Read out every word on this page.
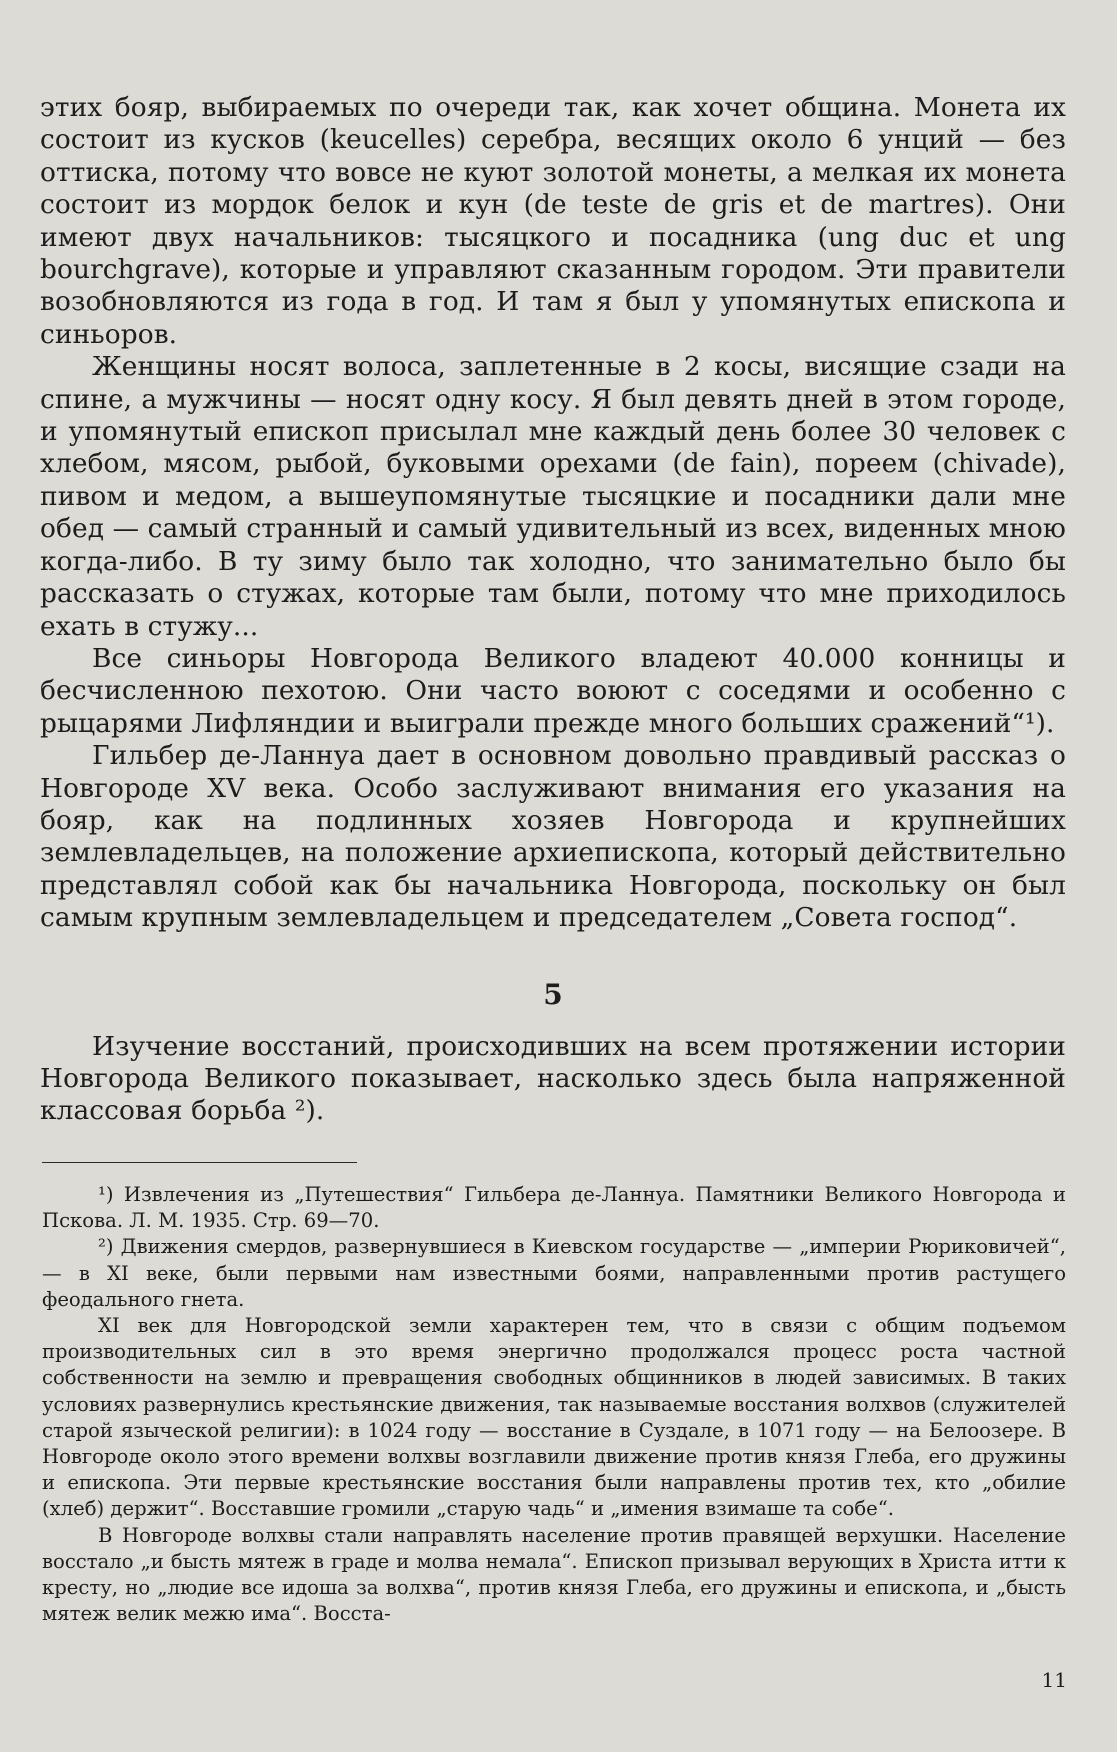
этих бояр, выбираемых по очереди так, как хочет община. Монета их состоит из кусков (keucelles) серебра, весящих около 6 унций — без оттиска, потому что вовсе не куют золотой монеты, а мелкая их монета состоит из мордок белок и кун (de teste de gris et de martres). Они имеют двух начальников: тысяцкого и посадника (ung duc et ung bourchgrave), которые и управляют сказанным городом. Эти правители возобновляются из года в год. И там я был у упомянутых епископа и синьоров.

Женщины носят волоса, заплетенные в 2 косы, висящие сзади на спине, а мужчины — носят одну косу. Я был девять дней в этом городе, и упомянутый епископ присылал мне каждый день более 30 человек с хлебом, мясом, рыбой, буковыми орехами (de fain), пореем (chivade), пивом и медом, а вышеупомянутые тысяцкие и посадники дали мне обед — самый странный и самый удивительный из всех, виденных мною когда-либо. В ту зиму было так холодно, что занимательно было бы рассказать о стужах, которые там были, потому что мне приходилось ехать в стужу...

Все синьоры Новгорода Великого владеют 40.000 конницы и бесчисленною пехотою. Они часто воюют с соседями и особенно с рыцарями Лифляндии и выиграли прежде много больших сражений“¹).

Гильбер де-Ланнуа дает в основном довольно правдивый рассказ о Новгороде XV века. Особо заслуживают внимания его указания на бояр, как на подлинных хозяев Новгорода и крупнейших землевладельцев, на положение архиепископа, который действительно представлял собой как бы начальника Новгорода, поскольку он был самым крупным землевладельцем и председателем „Совета господ“.

5

Изучение восстаний, происходивших на всем протяжении истории Новгорода Великого показывает, насколько здесь была напряженной классовая борьба ²).

¹) Извлечения из „Путешествия“ Гильбера де-Ланнуа. Памятники Великого Новгорода и Пскова. Л. М. 1935. Стр. 69—70.

²) Движения смердов, развернувшиеся в Киевском государстве — „империи Рюриковичей“, — в XI веке, были первыми нам известными боями, направленными против растущего феодального гнета.

XI век для Новгородской земли характерен тем, что в связи с общим подъемом производительных сил в это время энергично продолжался процесс роста частной собственности на землю и превращения свободных общинников в людей зависимых. В таких условиях развернулись крестьянские движения, так называемые восстания волхвов (служителей старой языческой религии): в 1024 году — восстание в Суздале, в 1071 году — на Белоозере. В Новгороде около этого времени волхвы возглавили движение против князя Глеба, его дружины и епископа. Эти первые крестьянские восстания были направлены против тех, кто „обилие (хлеб) держит“. Восставшие громили „старую чадь“ и „имения взимаше та собе“.

В Новгороде волхвы стали направлять население против правящей верхушки. Население восстало „и бысть мятеж в граде и молва немала“. Епископ призывал верующих в Христа итти к кресту, но „людие все идоша за волхва“, против князя Глеба, его дружины и епископа, и „бысть мятеж велик межю има“. Восста-

11
